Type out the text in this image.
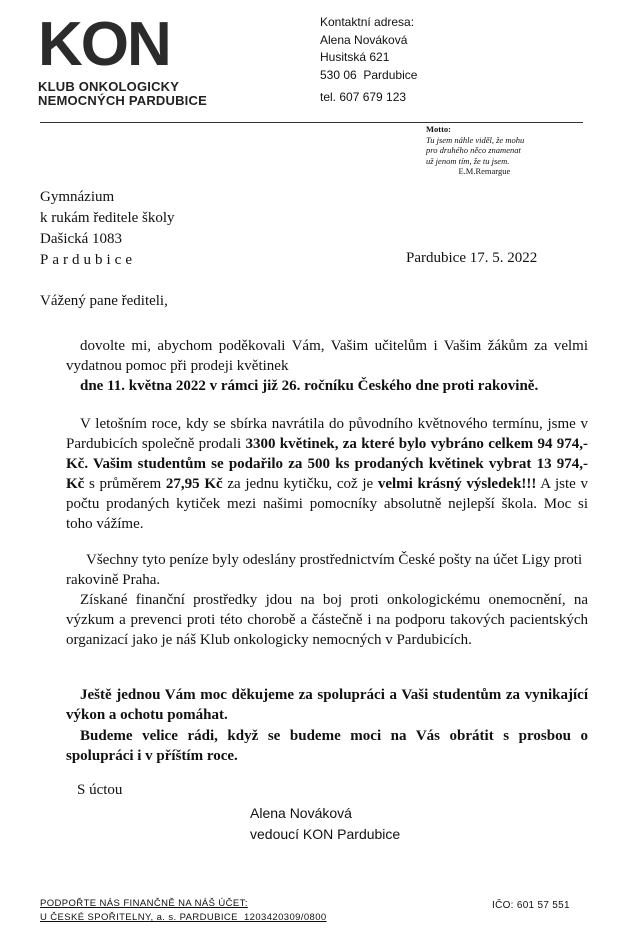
KON
KLUB ONKOLOGICKY
NEMOCNÝCH PARDUBICE
Kontaktní adresa:
Alena Nováková
Husitská 621
530 06  Pardubice
tel. 607 679 123
Motto:
Tu jsem náhle viděl, že mohu
pro druhého něco znamenat
už jenom tím, že tu jsem.
E.M.Remargue
Gymnázium
k rukám ředitele školy
Dašická 1083
Pardubice	Pardubice 17. 5. 2022
Vážený pane řediteli,
dovolte mi, abychom poděkovali Vám, Vašim učitelům i Vašim žákům za velmi vydatnou pomoc při prodeji květinek
dne 11. května 2022 v rámci již 26. ročníku Českého dne proti rakovině.
V letošním roce, kdy se sbírka navrátila do původního květnového termínu, jsme v Pardubicích společně prodali 3300 květinek, za které bylo vybráno celkem 94 974,- Kč. Vašim studentům se podařilo za 500 ks prodaných květinek vybrat 13 974,- Kč s průměrem 27,95 Kč za jednu kytičku, což je velmi krásný výsledek!!! A jste v počtu prodaných kytiček mezi našimi pomocníky absolutně nejlepší škola. Moc si toho vážíme.
Všechny tyto peníze byly odeslány prostřednictvím České pošty na účet Ligy proti rakovině Praha.
Získané finanční prostředky jdou na boj proti onkologickému onemocnění, na výzkum a prevenci proti této chorobě a částečně i na podporu takových pacientských organizací jako je náš Klub onkologicky nemocných v Pardubicích.
Ještě jednou Vám moc děkujeme za spolupráci a Vaši studentům za vynikající výkon a ochotu pomáhat.
Budeme velice rádi, když se budeme moci na Vás obrátit s prosbou o spolupráci i v příštím roce.
S úctou
Alena Nováková
vedoucí KON Pardubice
PODPOŘTE NÁS FINANČNĚ NA NÁŠ ÚČET:
U ČESKÉ SPOŘITELNY, a. s. PARDUBICE  1203420309/0800
IČO: 601 57 551
